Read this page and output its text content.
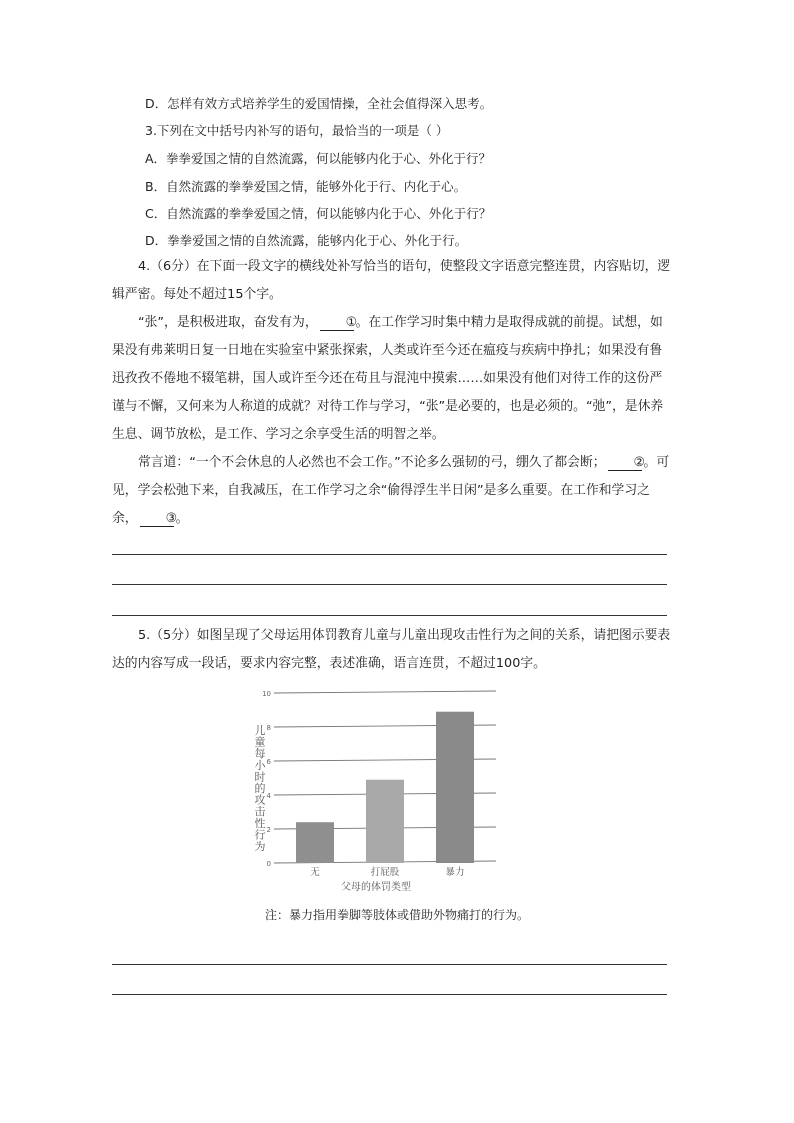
D．怎样有效方式培养学生的爱国情操，全社会值得深入思考。
3.下列在文中括号内补写的语句，最恰当的一项是（ ）
A．拳拳爱国之情的自然流露，何以能够内化于心、外化于行？
B．自然流露的拳拳爱国之情，能够外化于行、内化于心。
C．自然流露的拳拳爱国之情，何以能够内化于心、外化于行？
D．拳拳爱国之情的自然流露，能够内化于心、外化于行。

4.（6分）在下面一段文字的横线处补写恰当的语句，使整段文字语意完整连贯，内容贴切，逻辑严密。每处不超过15个字。

“张”，是积极进取，奋发有为， ①。在工作学习时集中精力是取得成就的前提。试想，如果没有弗莱明日复一日地在实验室中紧张探索，人类或许至今还在瘟疫与疾病中挣扎；如果没有鲁迅孜孜不倦地不辍笔耕，国人或许至今还在苟且与混沌中摸索……如果没有他们对待工作的这份严谨与不懈，又何来为人称道的成就？对待工作与学习，“张”是必要的，也是必须的。“弛”，是休养生息、调节放松，是工作、学习之余享受生活的明智之举。

常言道：“一个不会休息的人必然也不会工作。”不论多么强韧的弓，绷久了都会断； ②。可见，学会松弛下来，自我减压，在工作学习之余“偷得浮生半日闲”是多么重要。在工作和学习之余， ③。

5.（5分）如图呈现了父母运用体罚教育儿童与儿童出现攻击性行为之间的关系，请把图示要表达的内容写成一段话，要求内容完整，表述准确，语言连贯，不超过100字。
0
2
4
6
8
10
无	打屁股	暴力
儿童每小时的攻击性行为
父母的体罚类型
注：暴力指用拳脚等肢体或借助外物痛打的行为。
